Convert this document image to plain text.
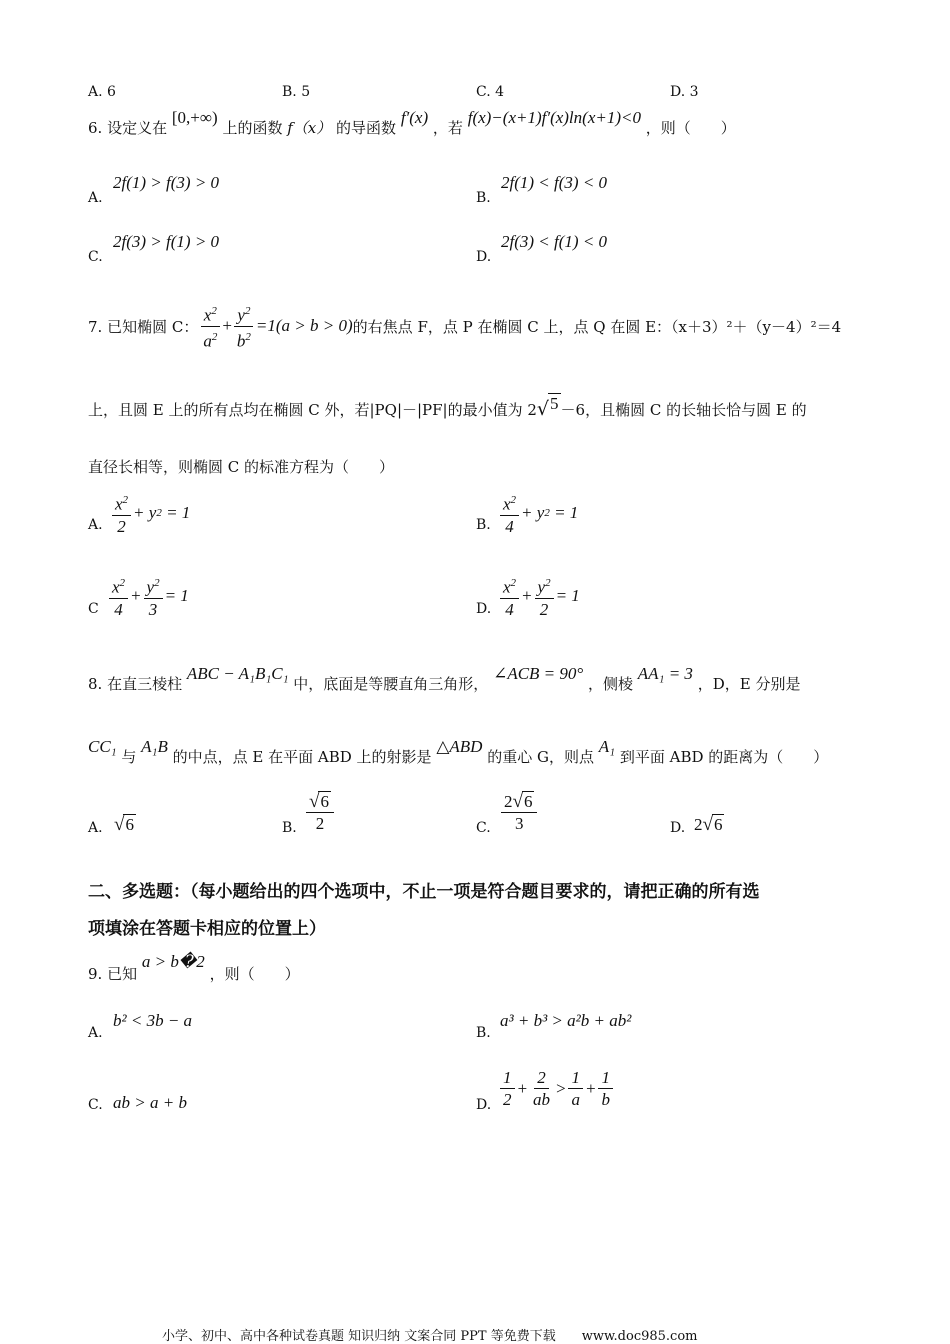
A. 6	B. 5	C. 4	D. 3
6. 设定义在 [0,+∞) 上的函数 f（x） 的导函数 f′(x) ，若 f(x)−(x+1)f′(x)ln(x+1)<0 ，则（　　）
A.
2f(1) > f(3) > 0
B.
2f(1) < f(3) < 0
C.
2f(3) > f(1) > 0
D.
2f(3) < f(1) < 0
7. 已知椭圆 C： $\frac{x^2}{a^2} + \frac{y^2}{b^2} =1(a > b > 0)$ 的右焦点 F，点 P 在椭圆 C 上，点 Q 在圆 E：（x＋3）²＋（y－4）²＝4
上，且圆 E 上的所有点均在椭圆 C 外，若|PQ|－|PF|的最小值为 2√5 －6，且椭圆 C 的长轴长恰与圆 E 的
直径长相等，则椭圆 C 的标准方程为（　　）
A. $\frac{x^2}{2} + y$ 2 = 1
B. $\frac{x^2}{4} + y$ 2 = 1
C $\frac{x^2}{4} + \frac{y^2}{3} = 1$
D. $\frac{x^2}{4} + \frac{y^2}{2} = 1$
8. 在直三棱柱 ABC − A₁B₁C₁ 中，底面是等腰直角三角形， ∠ACB = 90° ，侧棱 AA₁ = 3 ，D，E 分别是
CC₁ 与 A₁B 的中点，点 E 在平面 ABD 上的射影是 △ABD 的重心 G，则点 A₁ 到平面 ABD 的距离为（　　）
A. √6	B. $\frac{√6}{2}$	C. $\frac{2√6}{3}$	D. 2√6
二、多选题：（每小题给出的四个选项中，不止一项是符合题目要求的，请把正确的所有选
项填涂在答题卡相应的位置上）
9. 已知 a > b�2 ，则（　　）
A.
b² < 3b − a
B.
a³ + b³ > a²b + ab²
C. ab > a + b	D. $\frac{1}{2} + \frac{2}{ab} > \frac{1}{a} + \frac{1}{b}$
小学、初中、高中各种试卷真题 知识归纳 文案合同 PPT 等免费下载　　www.doc985.com
